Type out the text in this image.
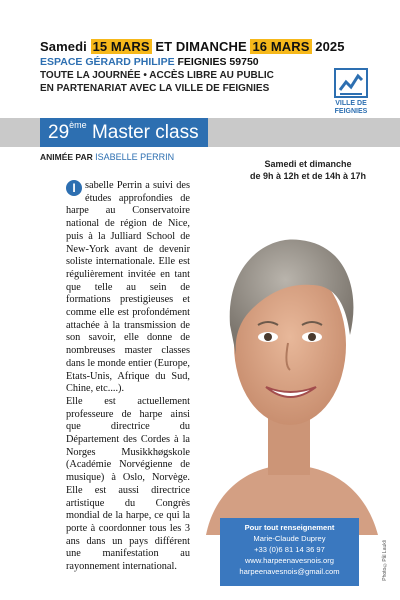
Samedi 15 MARS ET DIMANCHE 16 MARS 2025
ESPACE GÉRARD PHILIPE FEIGNIES 59750
TOUTE LA JOURNÉE • ACCÈS LIBRE AU PUBLIC
EN PARTENARIAT AVEC LA VILLE DE FEIGNIES
VILLE DE
FEIGNIES
29ème Master class
ANIMÉE PAR ISABELLE PERRIN
Samedi et dimanche
de 9h à 12h et de 14h à 17h
I sabelle Perrin a suivi des études approfondies de harpe au Conservatoire national de région de Nice, puis à la Julliard School de New-York avant de devenir soliste internationale. Elle est régulièrement invitée en tant que telle au sein de formations prestigieuses et comme elle est profondément attachée à la transmission de son savoir, elle donne de nombreuses master classes dans le monde entier (Europe, Etats-Unis, Afrique du Sud, Chine, etc....).
Elle est actuellement professeure de harpe ainsi que directrice du Département des Cordes à la Norges Musikkhøgskole (Académie Norvégienne de musique) à Oslo, Norvège. Elle est aussi directrice artistique du Congrès mondial de la harpe, ce qui la porte à coordonner tous les 3 ans dans un pays différent une manifestation au rayonnement international.
Pour tout renseignement
Marie-Claude Duprey
+33 (0)6 81 14 36 97
www.harpeenavesnois.org
harpeenavesnois@gmail.com	Photo©Pål Laukli
